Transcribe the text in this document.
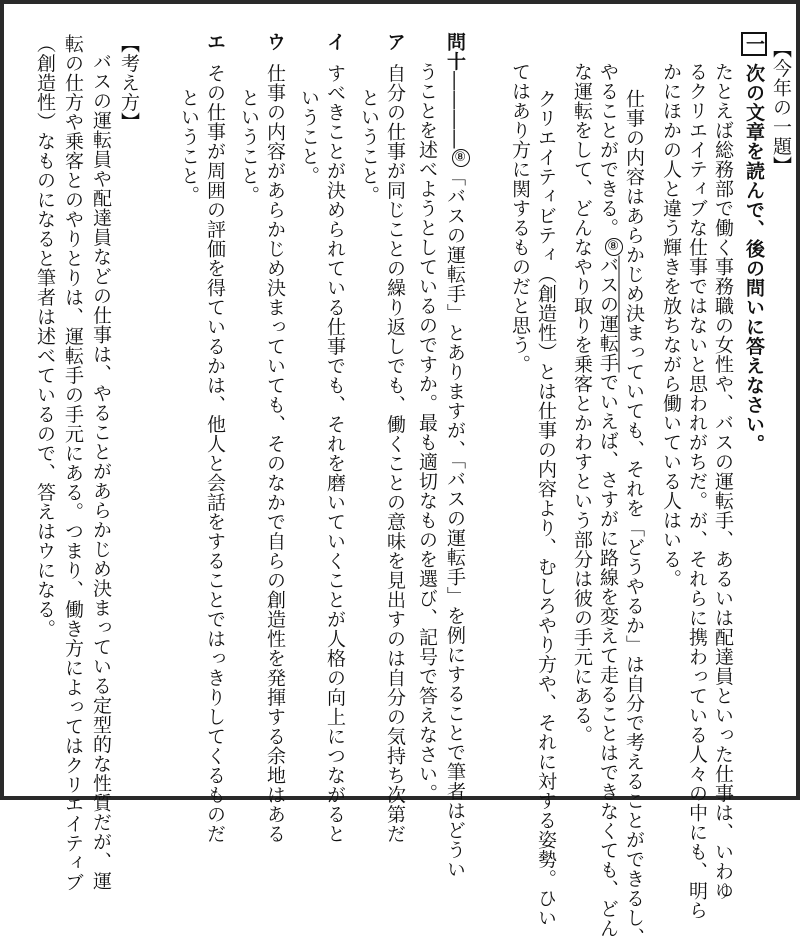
【今年の一題】
一次の文章を読んで、後の問いに答えなさい。
たとえば総務部で働く事務職の女性や、バスの運転手、あるいは配達員といった仕事は、いわゆ
るクリエイティブな仕事ではないと思われがちだ。が、それらに携わっている人々の中にも、明ら
かにほかの人と違う輝きを放ちながら働いている人はいる。
仕事の内容はあらかじめ決まっていても、それを「どうやるか」は自分で考えることができるし、
やることができる。⑧バスの運転手でいえば、さすがに路線を変えて走ることはできなくても、どん
な運転をして、どんなやり取りを乗客とかわすという部分は彼の手元にある。
クリエイティビティ（創造性）とは仕事の内容より、むしろやり方や、それに対する姿勢。ひい
てはあり方に関するものだと思う。
問十――――⑧「バスの運転手」とありますが、「バスの運転手」を例にすることで筆者はどうい
うことを述べようとしているのですか。最も適切なものを選び、記号で答えなさい。
ア自分の仕事が同じことの繰り返しでも、働くことの意味を見出すのは自分の気持ち次第だ
ということ。
イすべきことが決められている仕事でも、それを磨いていくことが人格の向上につながると
いうこと。
ウ仕事の内容があらかじめ決まっていても、そのなかで自らの創造性を発揮する余地はある
ということ。
エその仕事が周囲の評価を得ているかは、他人と会話をすることではっきりしてくるものだ
ということ。
【考え方】
バスの運転員や配達員などの仕事は、やることがあらかじめ決まっている定型的な性質だが、運
転の仕方や乗客とのやりとりは、運転手の手元にある。つまり、働き方によってはクリエイティブ
（創造性）なものになると筆者は述べているので、答えはウになる。
